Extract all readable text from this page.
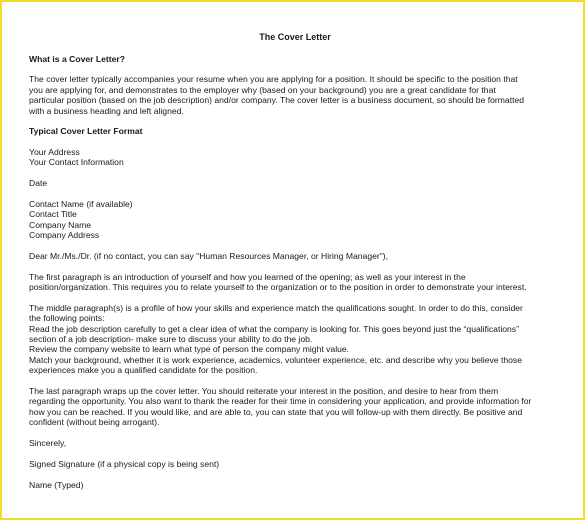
The Cover Letter
What is a Cover Letter?
The cover letter typically accompanies your resume when you are applying for a position. It should be specific to the position that
you are applying for, and demonstrates to the employer why (based on your background) you are a great candidate for that
particular position (based on the job description) and/or company. The cover letter is a business document, so should be formatted
with a business heading and left aligned.
Typical Cover Letter Format
Your Address
Your Contact Information
Date
Contact Name (if available)
Contact Title
Company Name
Company Address
Dear Mr./Ms./Dr. (if no contact, you can say "Human Resources Manager, or Hiring Manager"),
The first paragraph is an introduction of yourself and how you learned of the opening; as well as your interest in the
position/organization. This requires you to relate yourself to the organization or to the position in order to demonstrate your interest.
The middle paragraph(s) is a profile of how your skills and experience match the qualifications sought. In order to do this, consider
the following points:
Read the job description carefully to get a clear idea of what the company is looking for. This goes beyond just the “qualifications”
section of a job description- make sure to discuss your ability to do the job.
Review the company website to learn what type of person the company might value.
Match your background, whether it is work experience, academics, volunteer experience, etc. and describe why you believe those
experiences make you a qualified candidate for the position.
The last paragraph wraps up the cover letter. You should reiterate your interest in the position, and desire to hear from them
regarding the opportunity. You also want to thank the reader for their time in considering your application, and provide information for
how you can be reached. If you would like, and are able to, you can state that you will follow-up with them directly. Be positive and
confident (without being arrogant).
Sincerely,
Signed Signature (if a physical copy is being sent)
Name (Typed)
